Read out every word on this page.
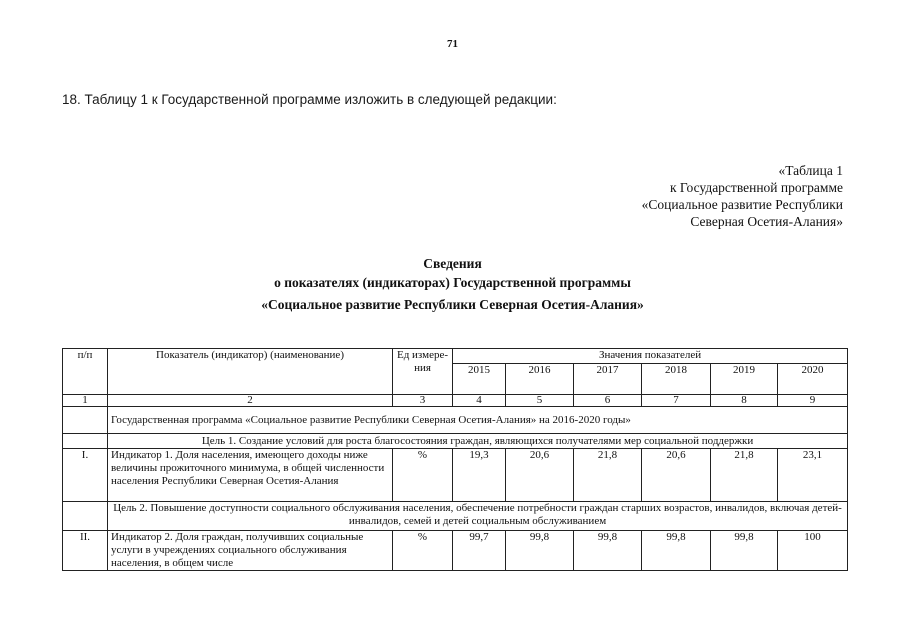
71
18. Таблицу 1 к Государственной программе изложить в следующей редакции:
«Таблица 1
к Государственной программе
«Социальное развитие Республики
Северная Осетия-Алания»
Сведения
о показателях (индикаторах) Государственной программы
«Социальное развитие Республики Северная Осетия-Алания»
п/п	Показатель (индикатор) (наименование)	Ед измере-ния	Значения показателей					
			2015	2016	2017	2018	2019	2020
1	2	3	4	5	6	7	8	9
	Государственная программа «Социальное развитие Республики Северная Осетия-Алания» на 2016-2020 годы»							
	Цель 1. Создание условий для роста благосостояния граждан, являющихся получателями мер социальной поддержки							
I.	Индикатор 1. Доля населения, имеющего доходы ниже величины прожиточного минимума, в общей численности населения Республики Северная Осетия-Алания	%	19,3	20,6	21,8	20,6	21,8	23,1
	Цель 2. Повышение доступности социального обслуживания населения, обеспечение потребности граждан старших возрастов, инвалидов, включая детей-инвалидов, семей и детей социальным обслуживанием							
II.	Индикатор 2. Доля граждан, получивших социальные услуги в учреждениях социального обслуживания населения, в общем числе	%	99,7	99,8	99,8	99,8	99,8	100
